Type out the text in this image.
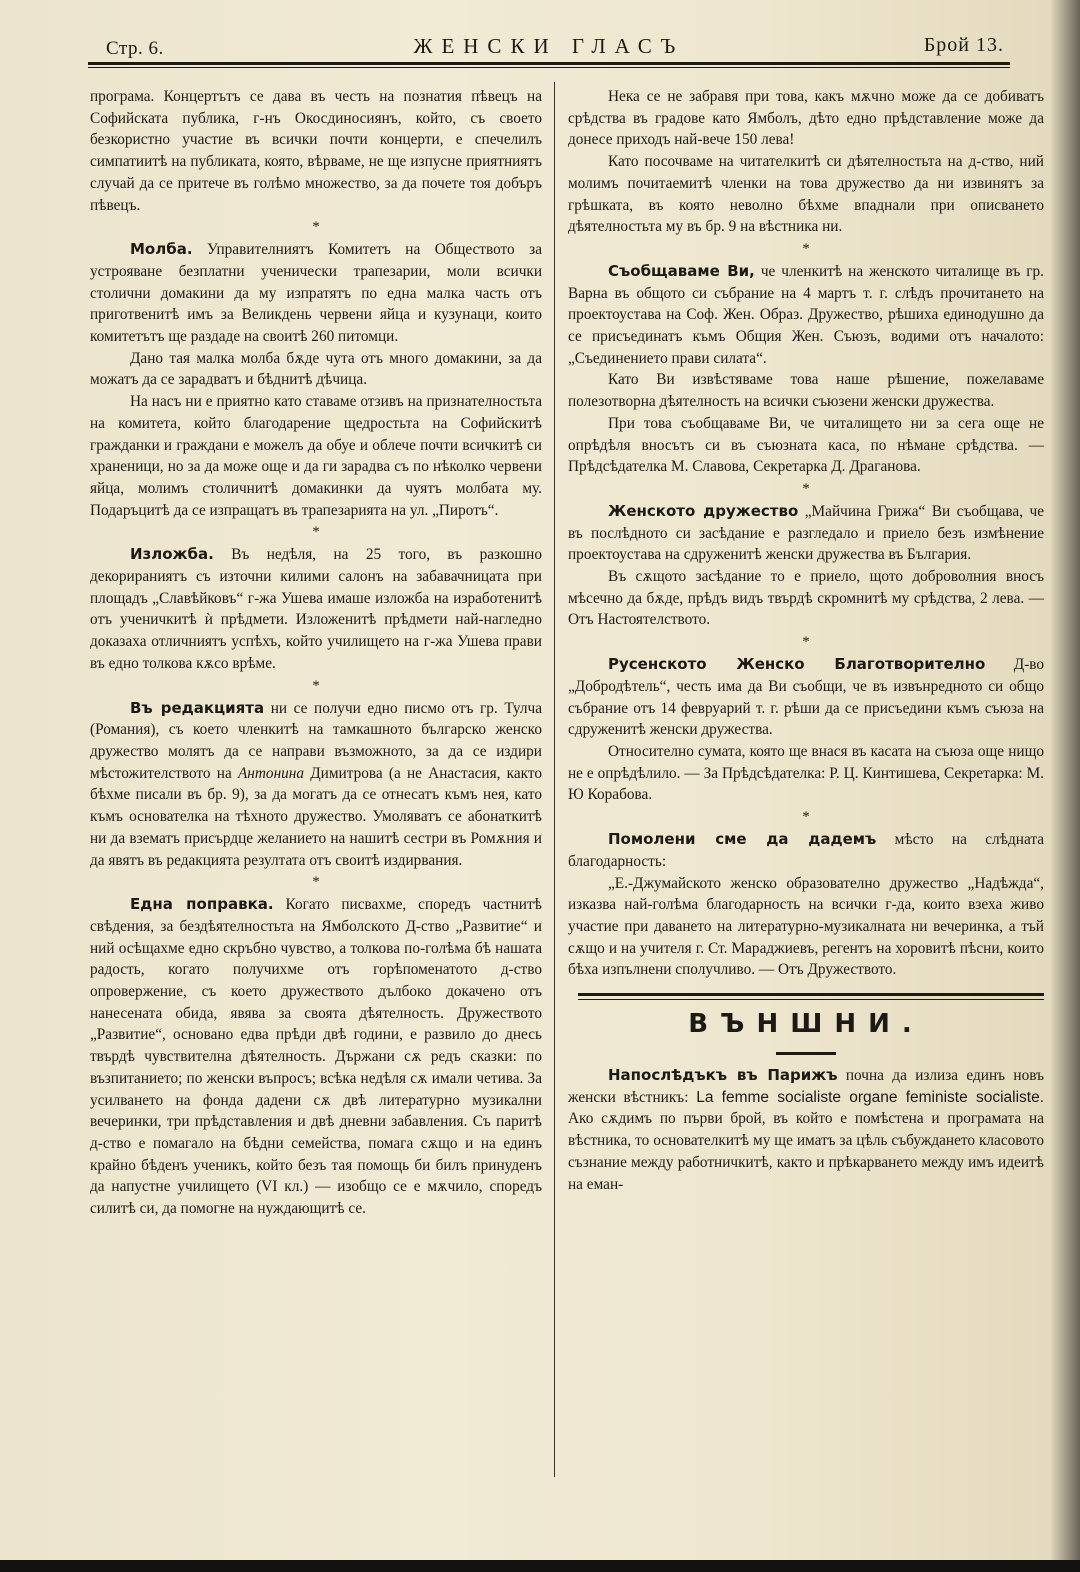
Стр. 6.	ЖЕНСКИ ГЛАСЪ	Брой 13.

програма. Концертътъ се дава въ честь на познатия пѣвецъ на Софийската публика, г-нъ Окосдиносиянъ, който, съ своето безкористно участие въ всички почти концерти, е спечелилъ симпатиитѣ на публиката, която, вѣрваме, не ще изпусне приятниятъ случай да се притече въ голѣмо множество, за да почете тоя добъръ пѣвецъ.

*

Молба. Управителниятъ Комитетъ на Обществото за устрояване безплатни ученически трапезарии, моли всички столични домакини да му изпратятъ по една малка часть отъ приготвенитѣ имъ за Великдень червени яйца и кузунаци, които комитетътъ ще раздаде на своитѣ 260 питомци.

Дано тая малка молба бѫде чута отъ много домакини, за да можатъ да се зарадватъ и бѣднитѣ дѣчица.

На насъ ни е приятно като ставаме отзивъ на признателностьта на комитета, който благодарение щедростьта на Софийскитѣ гражданки и граждани е можелъ да обуе и облече почти всичкитѣ си храненици, но за да може още и да ги зарадва съ по нѣколко червени яйца, молимъ столичнитѣ домакинки да чуятъ молбата му. Подаръцитѣ да се изпращатъ въ трапезарията на ул. „Пиротъ“.

*

Изложба. Въ недѣля, на 25 того, въ разкошно декорираниятъ съ източни килими салонъ на забавачницата при площадъ „Славѣйковъ“ г-жа Ушева имаше изложба на изработенитѣ отъ ученичкитѣ ѝ прѣдмети. Изложенитѣ прѣдмети най-нагледно доказаха отличниятъ успѣхъ, който училището на г-жа Ушева прави въ едно толкова кѫсо врѣме.

*

Въ редакцията ни се получи едно писмо отъ гр. Тулча (Романия), съ което членкитѣ на тамкашното българско женско дружество молятъ да се направи възможното, за да се издири мѣстожителството на Антонина Димитрова (а не Анастасия, както бѣхме писали въ бр. 9), за да могатъ да се отнесатъ къмъ нея, като къмъ основателка на тѣхното дружество. Умоляватъ се абонаткитѣ ни да взематъ присърдце желанието на нашитѣ сестри въ Ромѫния и да явятъ въ редакцията резултата отъ своитѣ издирвания.

*

Една поправка. Когато писвахме, споредъ частнитѣ свѣдения, за бездѣятелностьта на Ямболското Д-ство „Развитие“ и ний осѣщахме едно скръбно чувство, а толкова по-голѣма бѣ нашата радость, когато получихме отъ горѣпоменатото д-ство опровержение, съ което дружеството дълбоко докачено отъ нанесената обида, явява за своята дѣятелность. Дружеството „Развитие“, основано едва прѣди двѣ години, е развило до днесь твърдѣ чувствителна дѣятелность. Държани сѫ редъ сказки: по възпитанието; по женски въпросъ; всѣка недѣля сѫ имали четива. За усилването на фонда дадени сѫ двѣ литературно музикални вечеринки, три прѣдставления и двѣ дневни забавления. Съ паритѣ д-ство е помагало на бѣдни семейства, помага сѫщо и на единъ крайно бѣденъ ученикъ, който безъ тая помощь би билъ принуденъ да напустне училището (VI кл.) — изобщо се е мѫчило, споредъ силитѣ си, да помогне на нуждающитѣ се.

Нека се не забравя при това, какъ мѫчно може да се добиватъ срѣдства въ градове като Ямболъ, дѣто едно прѣдставление може да донесе приходъ най-вече 150 лева!

Като посочваме на читателкитѣ си дѣятелностьта на д-ство, ний молимъ почитаемитѣ членки на това дружество да ни извинятъ за грѣшката, въ която неволно бѣхме впаднали при описването дѣятелностьта му въ бр. 9 на вѣстника ни.

*

Съобщаваме Ви, че членкитѣ на женското читалище въ гр. Варна въ общото си събрание на 4 мартъ т. г. слѣдъ прочитането на проектоустава на Соф. Жен. Образ. Дружество, рѣшиха единодушно да се присъединатъ къмъ Общия Жен. Съюзъ, водими отъ началото: „Съединението прави силата“.

Като Ви извѣстяваме това наше рѣшение, пожелаваме полезотворна дѣятелность на всички съюзени женски дружества.

При това съобщаваме Ви, че читалището ни за сега още не опрѣдѣля вносътъ си въ съюзната каса, по нѣмане срѣдства. — Прѣдсѣдателка М. Славова, Секретарка Д. Драганова.

*

Женското дружество „Майчина Грижа“ Ви съобщава, че въ послѣдното си засѣдание е разгледало и приело безъ измѣнение проектоустава на сдруженитѣ женски дружества въ България.

Въ сѫщото засѣдание то е приело, щото доброволния вносъ мѣсечно да бѫде, прѣдъ видъ твърдѣ скромнитѣ му срѣдства, 2 лева. — Отъ Настоятелството.

*

Русенското Женско Благотворително Д-во „Добродѣтель“, честь има да Ви съобщи, че въ извънредното си общо събрание отъ 14 февруарий т. г. рѣши да се присъедини къмъ съюза на сдруженитѣ женски дружества.

Относително сумата, която ще внася въ касата на съюза още нищо не е опрѣдѣлило. — За Прѣдсѣдателка: Р. Ц. Кинтишева, Секретарка: М. Ю Корабова.

*

Помолени сме да дадемъ мѣсто на слѣдната благодарность:

„Е.-Джумайското женско образователно дружество „Надѣжда“, изказва най-голѣма благодарность на всички г-да, които взеха живо участие при даването на литературно-музикалната ни вечеринка, а тъй сѫщо и на учителя г. Ст. Мараджиевъ, регентъ на хоровитѣ пѣсни, които бѣха изпълнени сполучливо. — Отъ Дружеството.

ВЪНШНИ.

Напослѣдъкъ въ Парижъ почна да излиза единъ новъ женски вѣстникъ: La femme socialiste organe feministe socialiste. Ако сѫдимъ по първи брой, въ който е помѣстена и програмата на вѣстника, то основателкитѣ му ще иматъ за цѣль събуждането класовото съзнание между работничкитѣ, както и прѣкарването между имъ идеитѣ на еман-
